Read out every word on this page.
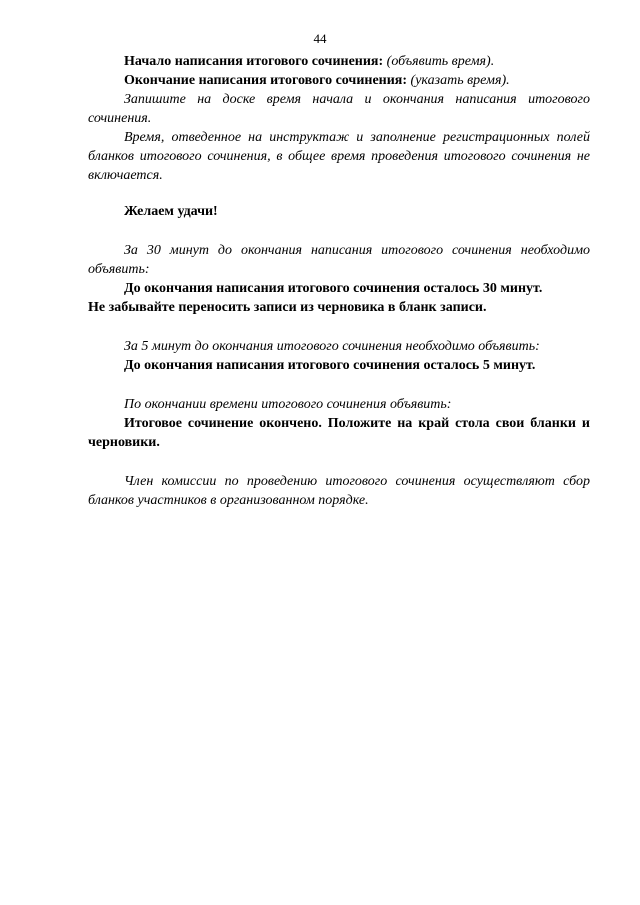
44

Начало написания итогового сочинения: (объявить время).

Окончание написания итогового сочинения: (указать время).

Запишите на доске время начала и окончания написания итогового сочинения.

Время, отведенное на инструктаж и заполнение регистрационных полей бланков итогового сочинения, в общее время проведения итогового сочинения не включается.

Желаем удачи!

За 30 минут до окончания написания итогового сочинения необходимо объявить:

До окончания написания итогового сочинения осталось 30 минут.

Не забывайте переносить записи из черновика в бланк записи.

За 5 минут до окончания итогового сочинения необходимо объявить:

До окончания написания итогового сочинения осталось 5 минут.

По окончании времени итогового сочинения объявить:

Итоговое сочинение окончено. Положите на край стола свои бланки и черновики.

Член комиссии по проведению итогового сочинения осуществляют сбор бланков участников в организованном порядке.
